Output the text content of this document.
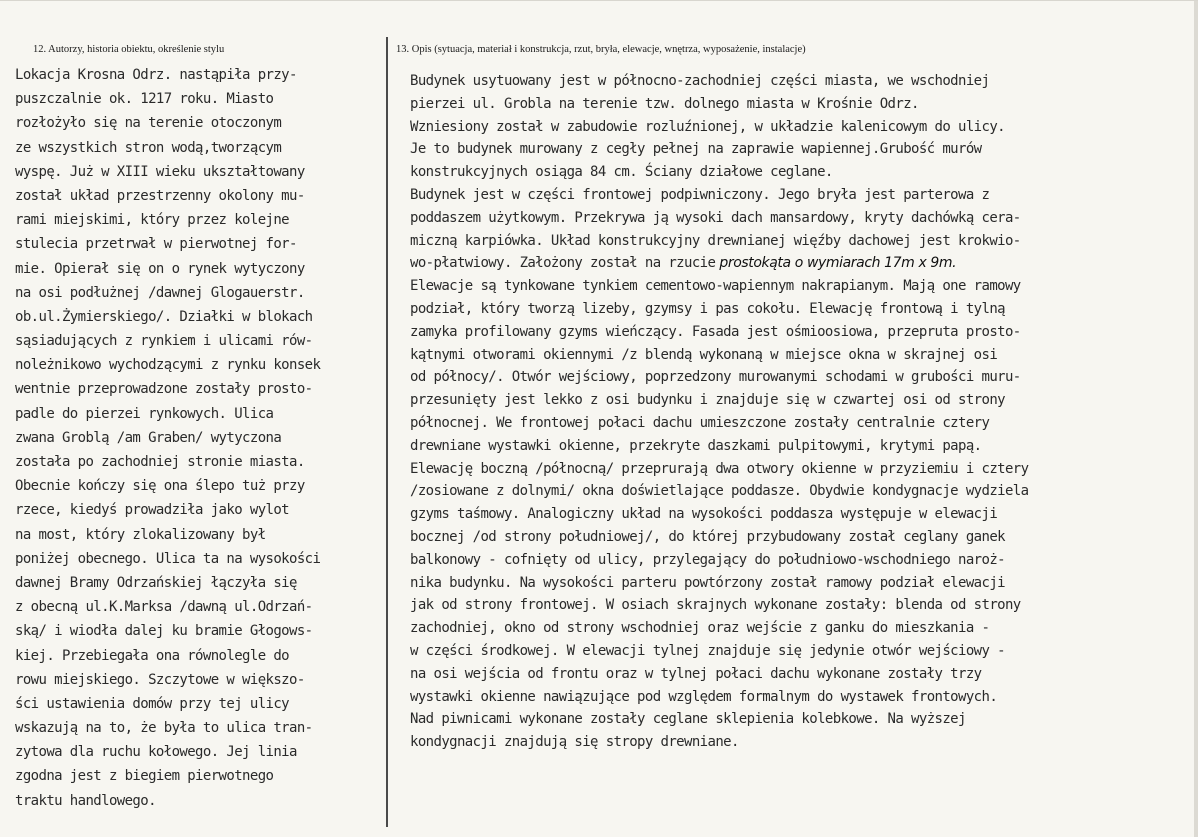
12. Autorzy, historia obiektu, określenie stylu	13. Opis (sytuacja, materiał i konstrukcja, rzut, bryła, elewacje, wnętrza, wyposażenie, instalacje)
Lokacja Krosna Odrz. nastąpiła przy-
puszczalnie ok. 1217 roku. Miasto
rozłożyło się na terenie otoczonym
ze wszystkich stron wodą,tworzącym
wyspę. Już w XIII wieku ukształtowany
został układ przestrzenny okolony mu-
rami miejskimi, który przez kolejne
stulecia przetrwał w pierwotnej for-
mie. Opierał się on o rynek wytyczony
na osi podłużnej /dawnej Glogauerstr.
ob.ul.Żymierskiego/. Działki w blokach
sąsiadujących z rynkiem i ulicami rów-
noleżnikowo wychodzącymi z rynku konsek
wentnie przeprowadzone zostały prosto-
padle do pierzei rynkowych. Ulica
zwana Groblą /am Graben/ wytyczona
została po zachodniej stronie miasta.
Obecnie kończy się ona ślepo tuż przy
rzece, kiedyś prowadziła jako wylot
na most, który zlokalizowany był
poniżej obecnego. Ulica ta na wysokości
dawnej Bramy Odrzańskiej łączyła się
z obecną ul.K.Marksa /dawną ul.Odrzań-
ską/ i wiodła dalej ku bramie Głogows-
kiej. Przebiegała ona równolegle do
rowu miejskiego. Szczytowe w większo-
ści ustawienia domów przy tej ulicy
wskazują na to, że była to ulica tran-
zytowa dla ruchu kołowego. Jej linia
zgodna jest z biegiem pierwotnego
traktu handlowego.
Budynek usytuowany jest w północno-zachodniej części miasta, we wschodniej
pierzei ul. Grobla na terenie tzw. dolnego miasta w Krośnie Odrz.
Wzniesiony został w zabudowie rozluźnionej, w układzie kalenicowym do ulicy.
Je to budynek murowany z cegły pełnej na zaprawie wapiennej.Grubość murów
konstrukcyjnych osiąga 84 cm. Ściany działowe ceglane.
Budynek jest w części frontowej podpiwniczony. Jego bryła jest parterowa z
poddaszem użytkowym. Przekrywa ją wysoki dach mansardowy, kryty dachówką cera-
miczną karpiówka. Układ konstrukcyjny drewnianej więźby dachowej jest krokwio-
wo-płatwiowy. Założony został na rzucie prostokąta o wymiarach 17m x 9m.
Elewacje są tynkowane tynkiem cementowo-wapiennym nakrapianym. Mają one ramowy
podział, który tworzą lizeby, gzymsy i pas cokołu. Elewację frontową i tylną
zamyka profilowany gzyms wieńczący. Fasada jest ośmioosiowa, przepruta prosto-
kątnymi otworami okiennymi /z blendą wykonaną w miejsce okna w skrajnej osi
od północy/. Otwór wejściowy, poprzedzony murowanymi schodami w grubości muru-
przesunięty jest lekko z osi budynku i znajduje się w czwartej osi od strony
północnej. We frontowej połaci dachu umieszczone zostały centralnie cztery
drewniane wystawki okienne, przekryte daszkami pulpitowymi, krytymi papą.
Elewację boczną /północną/ przeprurają dwa otwory okienne w przyziemiu i cztery
/zosiowane z dolnymi/ okna doświetlające poddasze. Obydwie kondygnacje wydziela
gzyms taśmowy. Analogiczny układ na wysokości poddasza występuje w elewacji
bocznej /od strony południowej/, do której przybudowany został ceglany ganek
balkonowy - cofnięty od ulicy, przylegający do południowo-wschodniego naroż-
nika budynku. Na wysokości parteru powtórzony został ramowy podział elewacji
jak od strony frontowej. W osiach skrajnych wykonane zostały: blenda od strony
zachodniej, okno od strony wschodniej oraz wejście z ganku do mieszkania -
w części środkowej. W elewacji tylnej znajduje się jedynie otwór wejściowy -
na osi wejścia od frontu oraz w tylnej połaci dachu wykonane zostały trzy
wystawki okienne nawiązujące pod względem formalnym do wystawek frontowych.
Nad piwnicami wykonane zostały ceglane sklepienia kolebkowe. Na wyższej
kondygnacji znajdują się stropy drewniane.
